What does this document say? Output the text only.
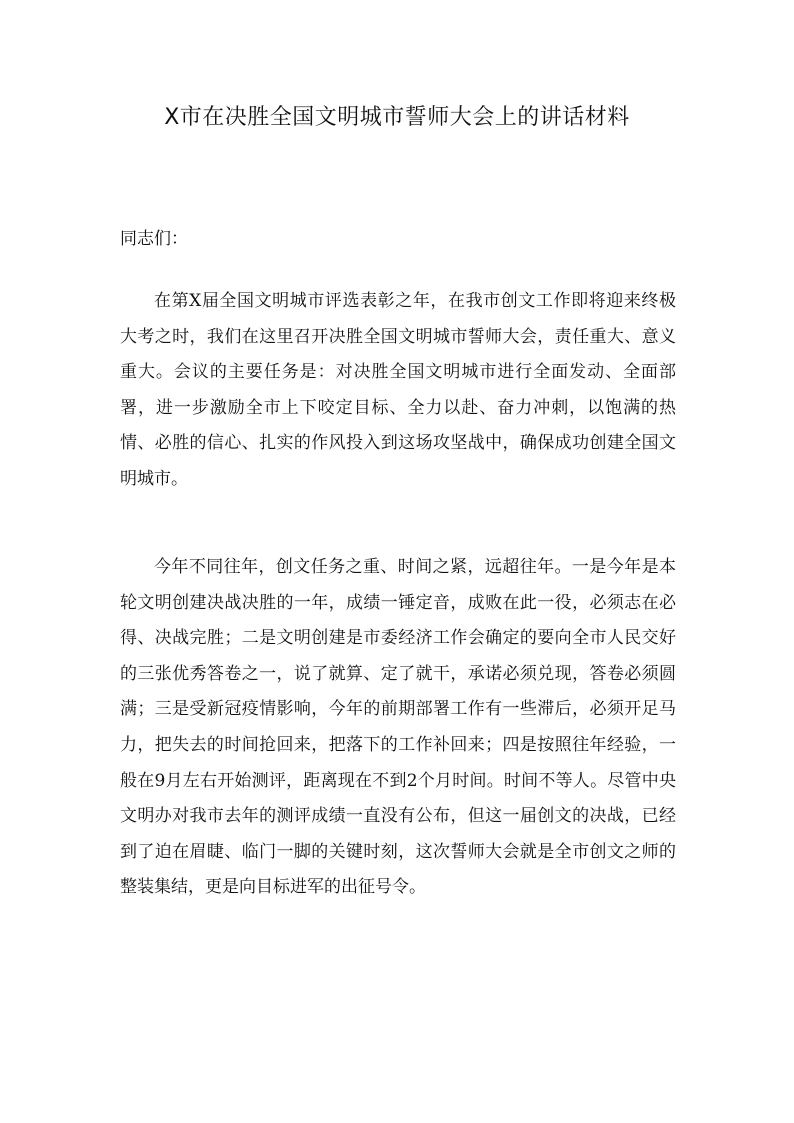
X市在决胜全国文明城市誓师大会上的讲话材料

同志们：

在第X届全国文明城市评选表彰之年，在我市创文工作即将迎来终极大考之时，我们在这里召开决胜全国文明城市誓师大会，责任重大、意义重大。会议的主要任务是：对决胜全国文明城市进行全面发动、全面部署，进一步激励全市上下咬定目标、全力以赴、奋力冲刺，以饱满的热情、必胜的信心、扎实的作风投入到这场攻坚战中，确保成功创建全国文明城市。

今年不同往年，创文任务之重、时间之紧，远超往年。一是今年是本轮文明创建决战决胜的一年，成绩一锤定音，成败在此一役，必须志在必得、决战完胜；二是文明创建是市委经济工作会确定的要向全市人民交好的三张优秀答卷之一，说了就算、定了就干，承诺必须兑现，答卷必须圆满；三是受新冠疫情影响，今年的前期部署工作有一些滞后，必须开足马力，把失去的时间抢回来，把落下的工作补回来；四是按照往年经验，一般在9月左右开始测评，距离现在不到2个月时间。时间不等人。尽管中央文明办对我市去年的测评成绩一直没有公布，但这一届创文的决战，已经到了迫在眉睫、临门一脚的关键时刻，这次誓师大会就是全市创文之师的整装集结，更是向目标进军的出征号令。
